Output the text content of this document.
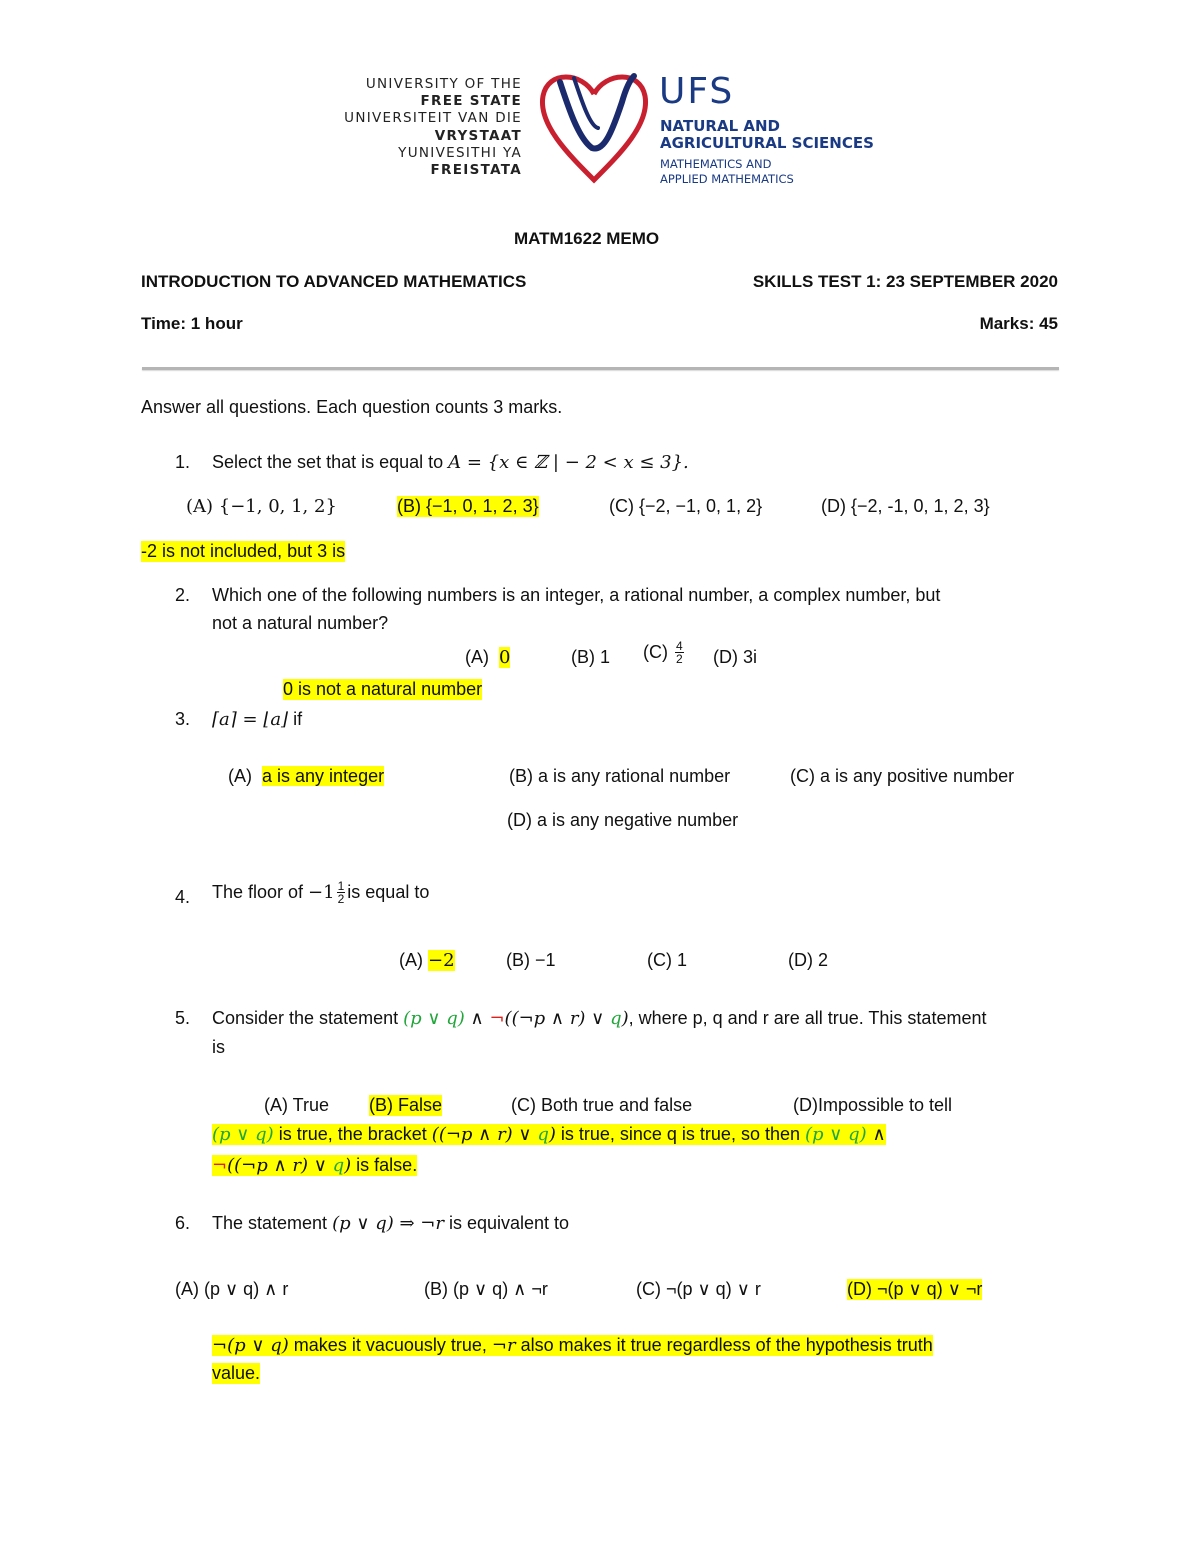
UNIVERSITY OF THE
FREE STATE
UNIVERSITEIT VAN DIE
VRYSTAAT
YUNIVESITHI YA
FREISTATA
UFS
NATURAL AND
AGRICULTURAL SCIENCES
MATHEMATICS AND
APPLIED MATHEMATICS
MATM1622 MEMO
INTRODUCTION TO ADVANCED MATHEMATICS	SKILLS TEST 1: 23 SEPTEMBER 2020
Time: 1 hour	Marks: 45
Answer all questions. Each question counts 3 marks.
1. Select the set that is equal to A = {x ∈ ℤ | − 2 < x ≤ 3}.
(A) {−1, 0, 1, 2}	(B) {−1, 0, 1, 2, 3}	(C) {−2, −1, 0, 1, 2}	(D) {−2, -1, 0, 1, 2, 3}
-2 is not included, but 3 is
2. Which one of the following numbers is an integer, a rational number, a complex number, but
not a natural number?
(A) 0	(B) 1 $(C) \frac{4}{2} (D)$ 3i
0 is not a natural number
3. ⌈a⌉ = ⌊a⌋ if
(A) a is any integer	(B) a is any rational number	(C) a is any positive number
(D) a is any negative number
4. The floor of $-1 \frac{1}{2}$ is equal to
(A) −2	(B) −1	(C) 1	(D) 2
5. Consider the statement (p ∨ q) ∧ ¬((¬p ∧ r) ∨ q), where p, q and r are all true. This statement
is
(A) True (B) False	(C) Both true and false	(D)Impossible to tell
(p ∨ q) is true, the bracket ((¬p ∧ r) ∨ q) is true, since q is true, so then (p ∨ q) ∧
¬((¬p ∧ r) ∨ q) is false.
6. The statement (p ∨ q) ⇒ ¬r is equivalent to
(A) (p ∨ q) ∧ r	(B) (p ∨ q) ∧ ¬r	(C) ¬(p ∨ q) ∨ r	(D) ¬(p ∨ q) ∨ ¬r
¬(p ∨ q) makes it vacuously true, ¬r also makes it true regardless of the hypothesis truth
value.
